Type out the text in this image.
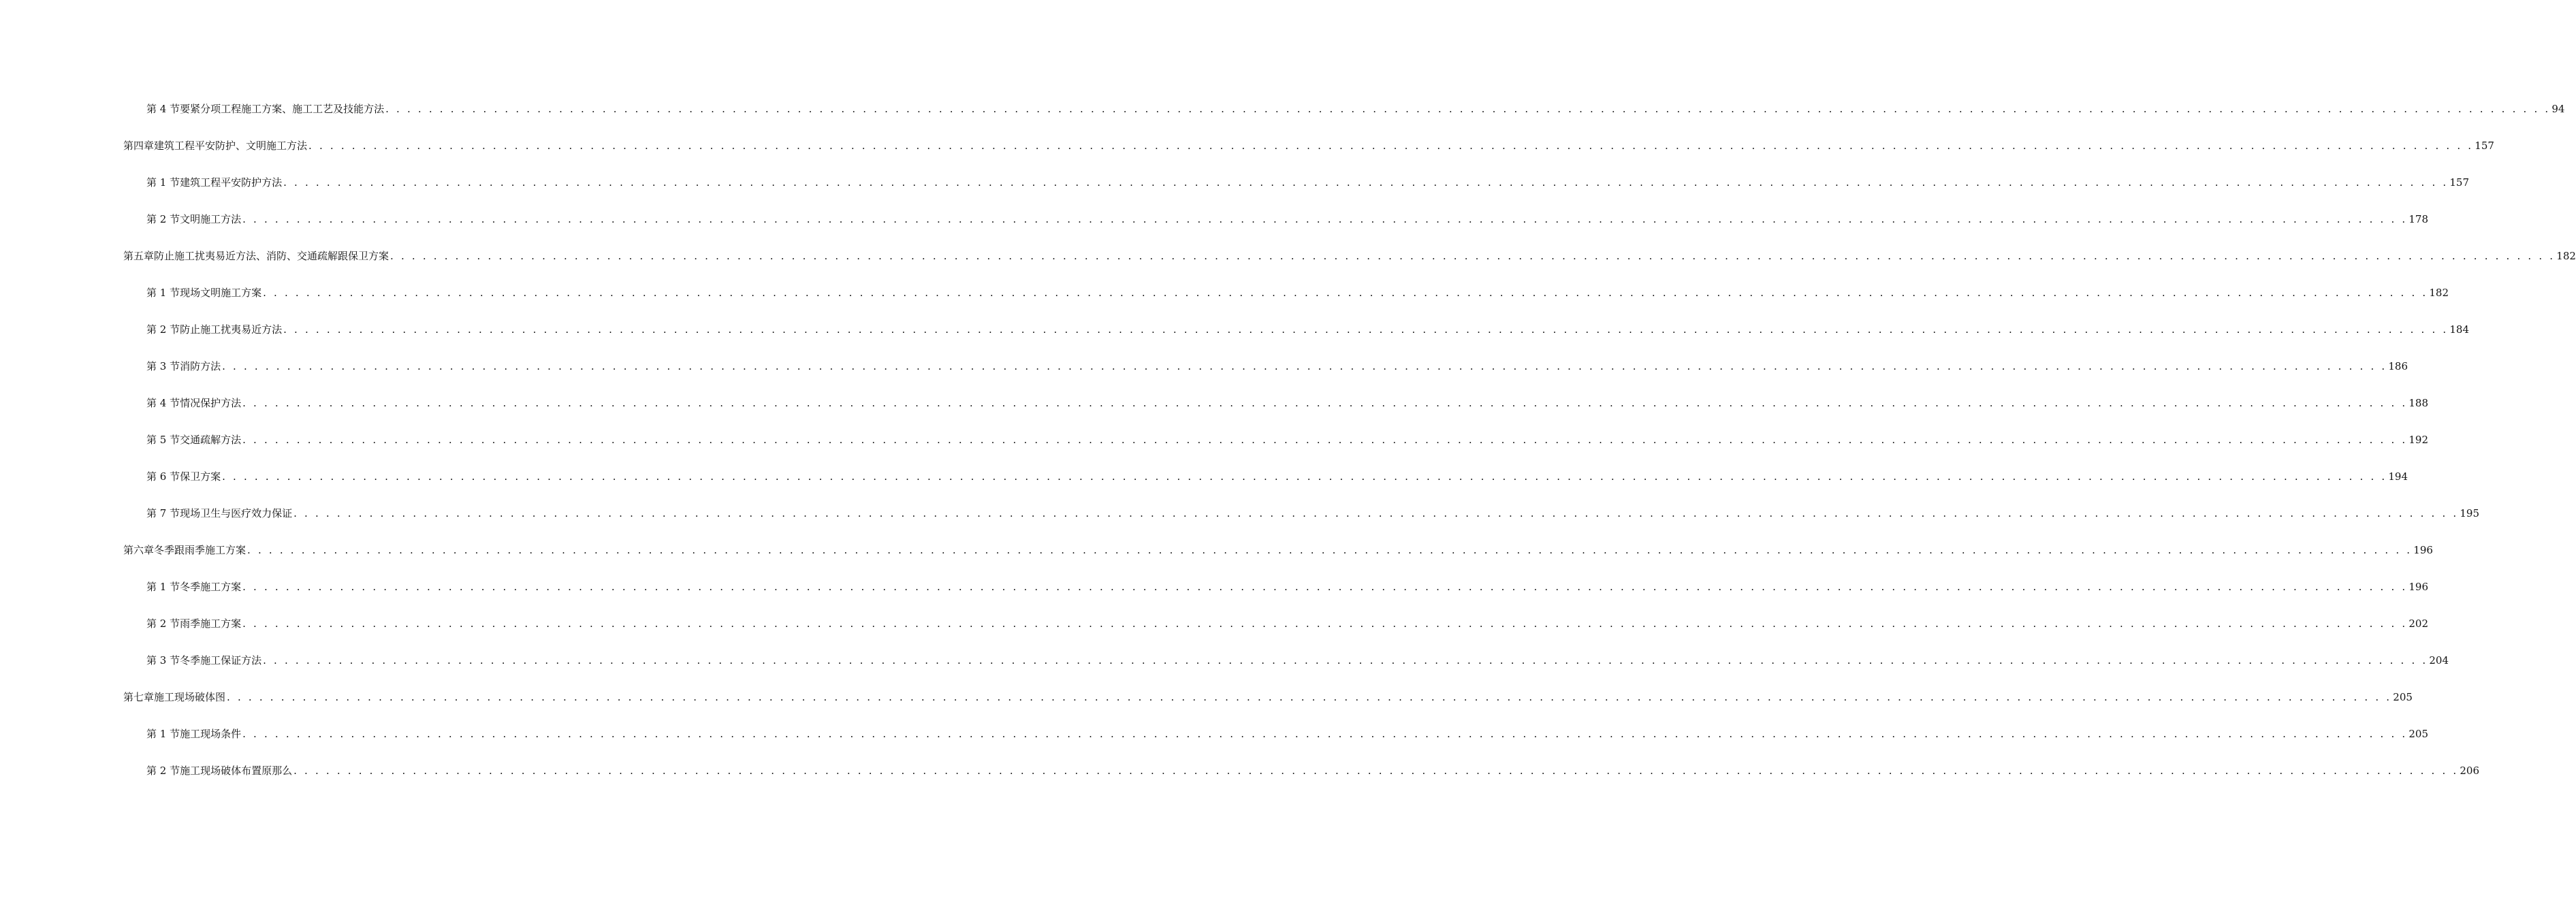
第 4 节要紧分项工程施工方案、施工工艺及技能方法 . . . . . . . . . . . . . . . . . . . . . . . . . . . . . . . . . . . . . . . . . . . . . . . . . . . . . . . . . . . . . . . . . . . . . . . . . . . . . . . . . . . . . . . . . . . . . . . . . . . . . . . . . . . . . . . . . . . . . . . . . . . . . . . . . . . . . . . . . . . . . . . . . . . . . . . . . . . . . . . . . . . . . . . . . . . . . . . . . . . . . . . . . . . . . . . . . . . . . . . . 94
第四章建筑工程平安防护、文明施工方法 . . . . . . . . . . . . . . . . . . . . . . . . . . . . . . . . . . . . . . . . . . . . . . . . . . . . . . . . . . . . . . . . . . . . . . . . . . . . . . . . . . . . . . . . . . . . . . . . . . . . . . . . . . . . . . . . . . . . . . . . . . . . . . . . . . . . . . . . . . . . . . . . . . . . . . . . . . . . . . . . . . . . . . . . . . . . . . . . . . . . . . . . . . . . . . . . . . . . . . . . 157
第 1 节建筑工程平安防护方法 . . . . . . . . . . . . . . . . . . . . . . . . . . . . . . . . . . . . . . . . . . . . . . . . . . . . . . . . . . . . . . . . . . . . . . . . . . . . . . . . . . . . . . . . . . . . . . . . . . . . . . . . . . . . . . . . . . . . . . . . . . . . . . . . . . . . . . . . . . . . . . . . . . . . . . . . . . . . . . . . . . . . . . . . . . . . . . . . . . . . . . . . . . . . . . . . . . . . . . . . 157
第 2 节文明施工方法 . . . . . . . . . . . . . . . . . . . . . . . . . . . . . . . . . . . . . . . . . . . . . . . . . . . . . . . . . . . . . . . . . . . . . . . . . . . . . . . . . . . . . . . . . . . . . . . . . . . . . . . . . . . . . . . . . . . . . . . . . . . . . . . . . . . . . . . . . . . . . . . . . . . . . . . . . . . . . . . . . . . . . . . . . . . . . . . . . . . . . . . . . . . . . . . . . . . . . . . . 178
第五章防止施工扰夷易近方法、消防、交通疏解跟保卫方案 . . . . . . . . . . . . . . . . . . . . . . . . . . . . . . . . . . . . . . . . . . . . . . . . . . . . . . . . . . . . . . . . . . . . . . . . . . . . . . . . . . . . . . . . . . . . . . . . . . . . . . . . . . . . . . . . . . . . . . . . . . . . . . . . . . . . . . . . . . . . . . . . . . . . . . . . . . . . . . . . . . . . . . . . . . . . . . . . . . . . . . . . . . . . . . . . . . . . . . . . 182
第 1 节现场文明施工方案 . . . . . . . . . . . . . . . . . . . . . . . . . . . . . . . . . . . . . . . . . . . . . . . . . . . . . . . . . . . . . . . . . . . . . . . . . . . . . . . . . . . . . . . . . . . . . . . . . . . . . . . . . . . . . . . . . . . . . . . . . . . . . . . . . . . . . . . . . . . . . . . . . . . . . . . . . . . . . . . . . . . . . . . . . . . . . . . . . . . . . . . . . . . . . . . . . . . . . . . . 182
第 2 节防止施工扰夷易近方法 . . . . . . . . . . . . . . . . . . . . . . . . . . . . . . . . . . . . . . . . . . . . . . . . . . . . . . . . . . . . . . . . . . . . . . . . . . . . . . . . . . . . . . . . . . . . . . . . . . . . . . . . . . . . . . . . . . . . . . . . . . . . . . . . . . . . . . . . . . . . . . . . . . . . . . . . . . . . . . . . . . . . . . . . . . . . . . . . . . . . . . . . . . . . . . . . . . . . . . . . 184
第 3 节消防方法 . . . . . . . . . . . . . . . . . . . . . . . . . . . . . . . . . . . . . . . . . . . . . . . . . . . . . . . . . . . . . . . . . . . . . . . . . . . . . . . . . . . . . . . . . . . . . . . . . . . . . . . . . . . . . . . . . . . . . . . . . . . . . . . . . . . . . . . . . . . . . . . . . . . . . . . . . . . . . . . . . . . . . . . . . . . . . . . . . . . . . . . . . . . . . . . . . . . . . . . . 186
第 4 节情况保护方法 . . . . . . . . . . . . . . . . . . . . . . . . . . . . . . . . . . . . . . . . . . . . . . . . . . . . . . . . . . . . . . . . . . . . . . . . . . . . . . . . . . . . . . . . . . . . . . . . . . . . . . . . . . . . . . . . . . . . . . . . . . . . . . . . . . . . . . . . . . . . . . . . . . . . . . . . . . . . . . . . . . . . . . . . . . . . . . . . . . . . . . . . . . . . . . . . . . . . . . . . 188
第 5 节交通疏解方法 . . . . . . . . . . . . . . . . . . . . . . . . . . . . . . . . . . . . . . . . . . . . . . . . . . . . . . . . . . . . . . . . . . . . . . . . . . . . . . . . . . . . . . . . . . . . . . . . . . . . . . . . . . . . . . . . . . . . . . . . . . . . . . . . . . . . . . . . . . . . . . . . . . . . . . . . . . . . . . . . . . . . . . . . . . . . . . . . . . . . . . . . . . . . . . . . . . . . . . . . 192
第 6 节保卫方案 . . . . . . . . . . . . . . . . . . . . . . . . . . . . . . . . . . . . . . . . . . . . . . . . . . . . . . . . . . . . . . . . . . . . . . . . . . . . . . . . . . . . . . . . . . . . . . . . . . . . . . . . . . . . . . . . . . . . . . . . . . . . . . . . . . . . . . . . . . . . . . . . . . . . . . . . . . . . . . . . . . . . . . . . . . . . . . . . . . . . . . . . . . . . . . . . . . . . . . . . 194
第 7 节现场卫生与医疗效力保证 . . . . . . . . . . . . . . . . . . . . . . . . . . . . . . . . . . . . . . . . . . . . . . . . . . . . . . . . . . . . . . . . . . . . . . . . . . . . . . . . . . . . . . . . . . . . . . . . . . . . . . . . . . . . . . . . . . . . . . . . . . . . . . . . . . . . . . . . . . . . . . . . . . . . . . . . . . . . . . . . . . . . . . . . . . . . . . . . . . . . . . . . . . . . . . . . . . . . . . . . 195
第六章冬季跟雨季施工方案 . . . . . . . . . . . . . . . . . . . . . . . . . . . . . . . . . . . . . . . . . . . . . . . . . . . . . . . . . . . . . . . . . . . . . . . . . . . . . . . . . . . . . . . . . . . . . . . . . . . . . . . . . . . . . . . . . . . . . . . . . . . . . . . . . . . . . . . . . . . . . . . . . . . . . . . . . . . . . . . . . . . . . . . . . . . . . . . . . . . . . . . . . . . . . . . . . . . . . . . . 196
第 1 节冬季施工方案 . . . . . . . . . . . . . . . . . . . . . . . . . . . . . . . . . . . . . . . . . . . . . . . . . . . . . . . . . . . . . . . . . . . . . . . . . . . . . . . . . . . . . . . . . . . . . . . . . . . . . . . . . . . . . . . . . . . . . . . . . . . . . . . . . . . . . . . . . . . . . . . . . . . . . . . . . . . . . . . . . . . . . . . . . . . . . . . . . . . . . . . . . . . . . . . . . . . . . . . . 196
第 2 节雨季施工方案 . . . . . . . . . . . . . . . . . . . . . . . . . . . . . . . . . . . . . . . . . . . . . . . . . . . . . . . . . . . . . . . . . . . . . . . . . . . . . . . . . . . . . . . . . . . . . . . . . . . . . . . . . . . . . . . . . . . . . . . . . . . . . . . . . . . . . . . . . . . . . . . . . . . . . . . . . . . . . . . . . . . . . . . . . . . . . . . . . . . . . . . . . . . . . . . . . . . . . . . . 202
第 3 节冬季施工保证方法 . . . . . . . . . . . . . . . . . . . . . . . . . . . . . . . . . . . . . . . . . . . . . . . . . . . . . . . . . . . . . . . . . . . . . . . . . . . . . . . . . . . . . . . . . . . . . . . . . . . . . . . . . . . . . . . . . . . . . . . . . . . . . . . . . . . . . . . . . . . . . . . . . . . . . . . . . . . . . . . . . . . . . . . . . . . . . . . . . . . . . . . . . . . . . . . . . . . . . . . . 204
第七章施工现场破体图 . . . . . . . . . . . . . . . . . . . . . . . . . . . . . . . . . . . . . . . . . . . . . . . . . . . . . . . . . . . . . . . . . . . . . . . . . . . . . . . . . . . . . . . . . . . . . . . . . . . . . . . . . . . . . . . . . . . . . . . . . . . . . . . . . . . . . . . . . . . . . . . . . . . . . . . . . . . . . . . . . . . . . . . . . . . . . . . . . . . . . . . . . . . . . . . . . . . . . . . . 205
第 1 节施工现场条件 . . . . . . . . . . . . . . . . . . . . . . . . . . . . . . . . . . . . . . . . . . . . . . . . . . . . . . . . . . . . . . . . . . . . . . . . . . . . . . . . . . . . . . . . . . . . . . . . . . . . . . . . . . . . . . . . . . . . . . . . . . . . . . . . . . . . . . . . . . . . . . . . . . . . . . . . . . . . . . . . . . . . . . . . . . . . . . . . . . . . . . . . . . . . . . . . . . . . . . . . 205
第 2 节施工现场破体布置原那么 . . . . . . . . . . . . . . . . . . . . . . . . . . . . . . . . . . . . . . . . . . . . . . . . . . . . . . . . . . . . . . . . . . . . . . . . . . . . . . . . . . . . . . . . . . . . . . . . . . . . . . . . . . . . . . . . . . . . . . . . . . . . . . . . . . . . . . . . . . . . . . . . . . . . . . . . . . . . . . . . . . . . . . . . . . . . . . . . . . . . . . . . . . . . . . . . . . . . . . . . 206
